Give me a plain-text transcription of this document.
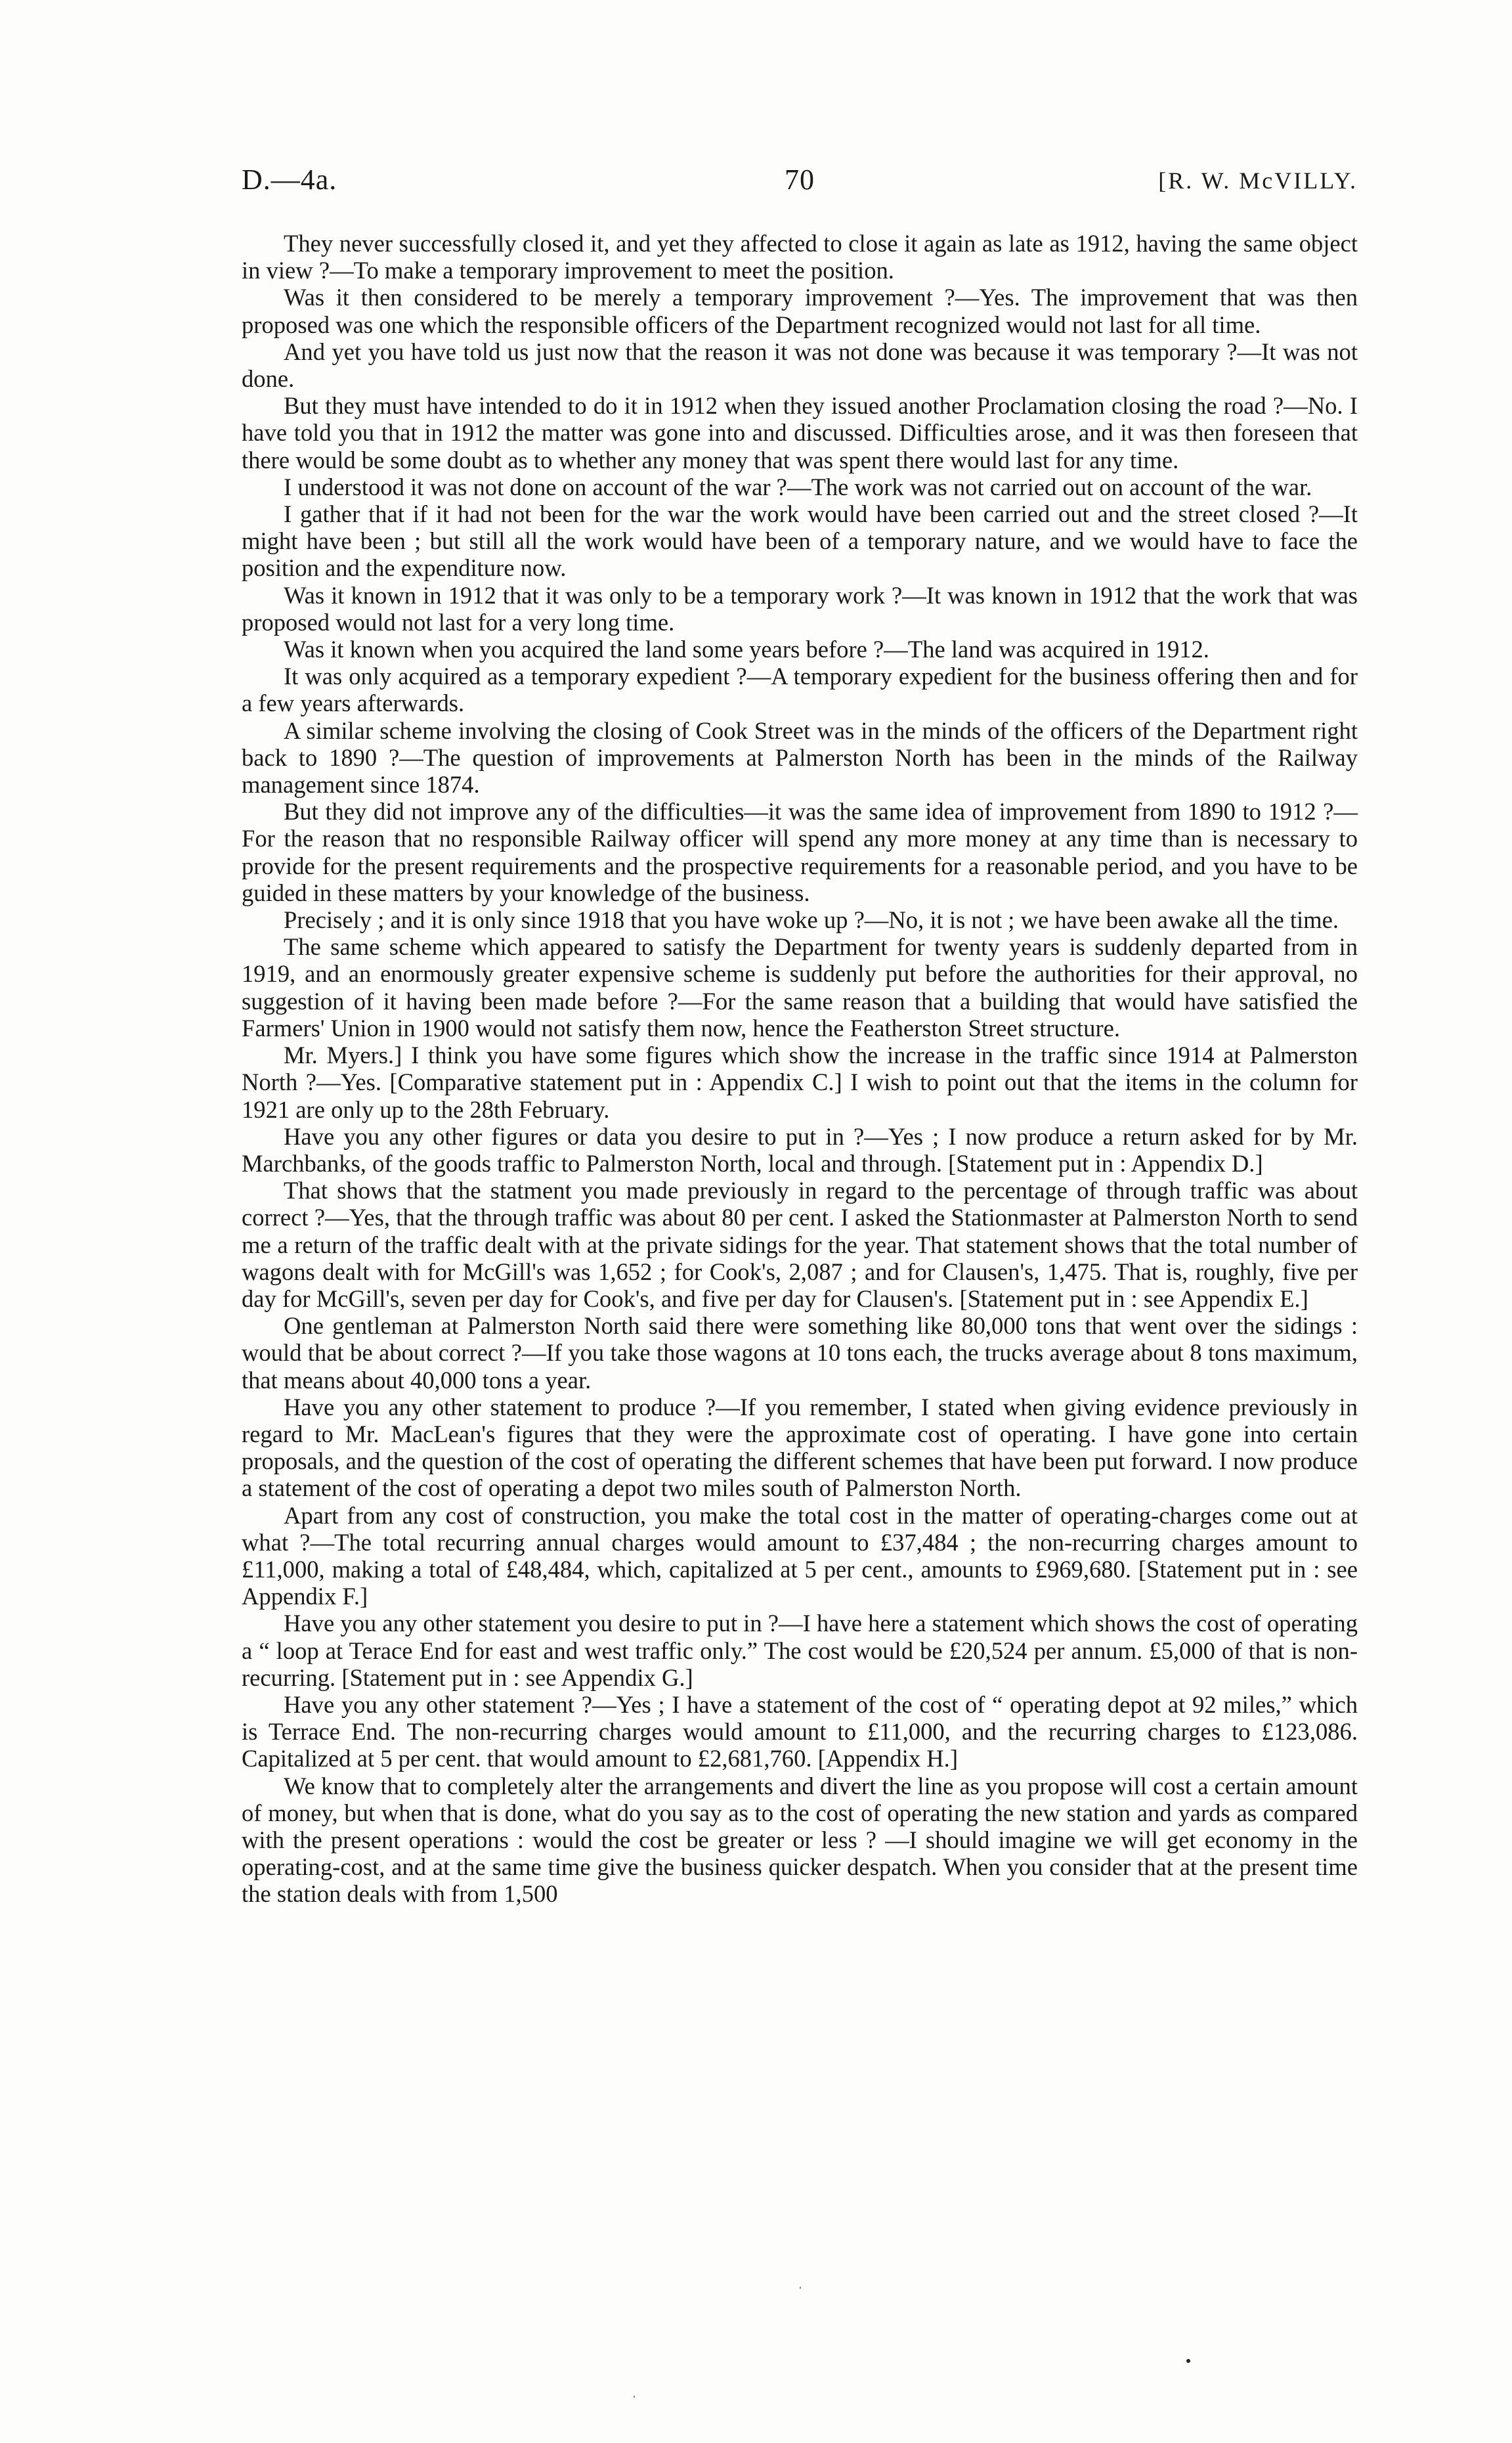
D.—4a.	70	[R. W. McVILLY.

They never successfully closed it, and yet they affected to close it again as late as 1912, having the same object in view ?—To make a temporary improvement to meet the position.

Was it then considered to be merely a temporary improvement ?—Yes. The improvement that was then proposed was one which the responsible officers of the Department recognized would not last for all time.

And yet you have told us just now that the reason it was not done was because it was temporary ?—It was not done.

But they must have intended to do it in 1912 when they issued another Proclamation closing the road ?—No. I have told you that in 1912 the matter was gone into and discussed. Difficulties arose, and it was then foreseen that there would be some doubt as to whether any money that was spent there would last for any time.

I understood it was not done on account of the war ?—The work was not carried out on account of the war.

I gather that if it had not been for the war the work would have been carried out and the street closed ?—It might have been ; but still all the work would have been of a temporary nature, and we would have to face the position and the expenditure now.

Was it known in 1912 that it was only to be a temporary work ?—It was known in 1912 that the work that was proposed would not last for a very long time.

Was it known when you acquired the land some years before ?—The land was acquired in 1912.

It was only acquired as a temporary expedient ?—A temporary expedient for the business offering then and for a few years afterwards.

A similar scheme involving the closing of Cook Street was in the minds of the officers of the Department right back to 1890 ?—The question of improvements at Palmerston North has been in the minds of the Railway management since 1874.

But they did not improve any of the difficulties—it was the same idea of improvement from 1890 to 1912 ?—For the reason that no responsible Railway officer will spend any more money at any time than is necessary to provide for the present requirements and the prospective requirements for a reasonable period, and you have to be guided in these matters by your knowledge of the business.

Precisely ; and it is only since 1918 that you have woke up ?—No, it is not ; we have been awake all the time.

The same scheme which appeared to satisfy the Department for twenty years is suddenly departed from in 1919, and an enormously greater expensive scheme is suddenly put before the authorities for their approval, no suggestion of it having been made before ?—For the same reason that a building that would have satisfied the Farmers' Union in 1900 would not satisfy them now, hence the Featherston Street structure.

Mr. Myers.] I think you have some figures which show the increase in the traffic since 1914 at Palmerston North ?—Yes. [Comparative statement put in : Appendix C.] I wish to point out that the items in the column for 1921 are only up to the 28th February.

Have you any other figures or data you desire to put in ?—Yes ; I now produce a return asked for by Mr. Marchbanks, of the goods traffic to Palmerston North, local and through. [Statement put in : Appendix D.]

That shows that the statment you made previously in regard to the percentage of through traffic was about correct ?—Yes, that the through traffic was about 80 per cent. I asked the Stationmaster at Palmerston North to send me a return of the traffic dealt with at the private sidings for the year. That statement shows that the total number of wagons dealt with for McGill's was 1,652 ; for Cook's, 2,087 ; and for Clausen's, 1,475. That is, roughly, five per day for McGill's, seven per day for Cook's, and five per day for Clausen's. [Statement put in : see Appendix E.]

One gentleman at Palmerston North said there were something like 80,000 tons that went over the sidings : would that be about correct ?—If you take those wagons at 10 tons each, the trucks average about 8 tons maximum, that means about 40,000 tons a year.

Have you any other statement to produce ?—If you remember, I stated when giving evidence previously in regard to Mr. MacLean's figures that they were the approximate cost of operating. I have gone into certain proposals, and the question of the cost of operating the different schemes that have been put forward. I now produce a statement of the cost of operating a depot two miles south of Palmerston North.

Apart from any cost of construction, you make the total cost in the matter of operating-charges come out at what ?—The total recurring annual charges would amount to £37,484 ; the non-recurring charges amount to £11,000, making a total of £48,484, which, capitalized at 5 per cent., amounts to £969,680. [Statement put in : see Appendix F.]

Have you any other statement you desire to put in ?—I have here a statement which shows the cost of operating a “ loop at Terace End for east and west traffic only.” The cost would be £20,524 per annum. £5,000 of that is non-recurring. [Statement put in : see Appendix G.]

Have you any other statement ?—Yes ; I have a statement of the cost of “ operating depot at 92 miles,” which is Terrace End. The non-recurring charges would amount to £11,000, and the recurring charges to £123,086. Capitalized at 5 per cent. that would amount to £2,681,760. [Appendix H.]

We know that to completely alter the arrangements and divert the line as you propose will cost a certain amount of money, but when that is done, what do you say as to the cost of operating the new station and yards as compared with the present operations : would the cost be greater or less ? —I should imagine we will get economy in the operating-cost, and at the same time give the business quicker despatch. When you consider that at the present time the station deals with from 1,500
